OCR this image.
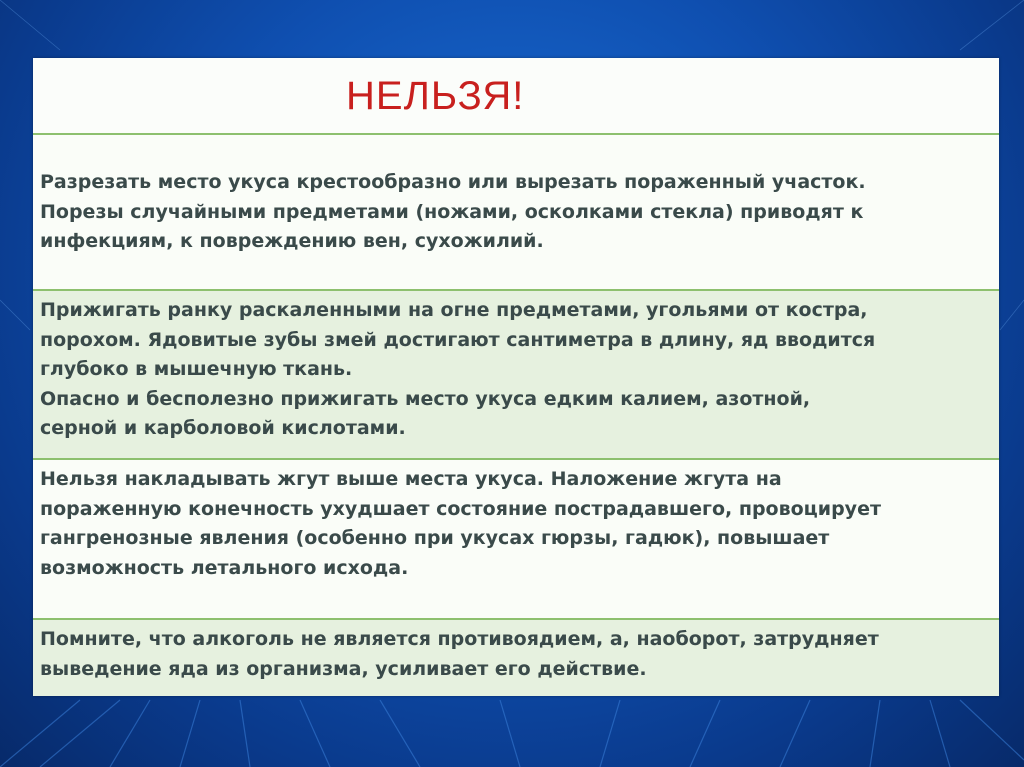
НЕЛЬЗЯ!
Разрезать место укуса крестообразно или вырезать пораженный участок.
Порезы случайными предметами (ножами, осколками стекла) приводят к
инфекциям, к повреждению вен, сухожилий.
Прижигать ранку раскаленными на огне предметами, угольями от костра,
порохом. Ядовитые зубы змей достигают сантиметра в длину, яд вводится
глубоко в мышечную ткань.
Опасно и бесполезно прижигать место укуса едким калием, азотной,
серной и карболовой кислотами.
Нельзя накладывать жгут выше места укуса. Наложение жгута на
пораженную конечность ухудшает состояние пострадавшего, провоцирует
гангренозные явления (особенно при укусах гюрзы, гадюк), повышает
возможность летального исхода.
Помните, что алкоголь не является противоядием, а, наоборот, затрудняет
выведение яда из организма, усиливает его действие.
